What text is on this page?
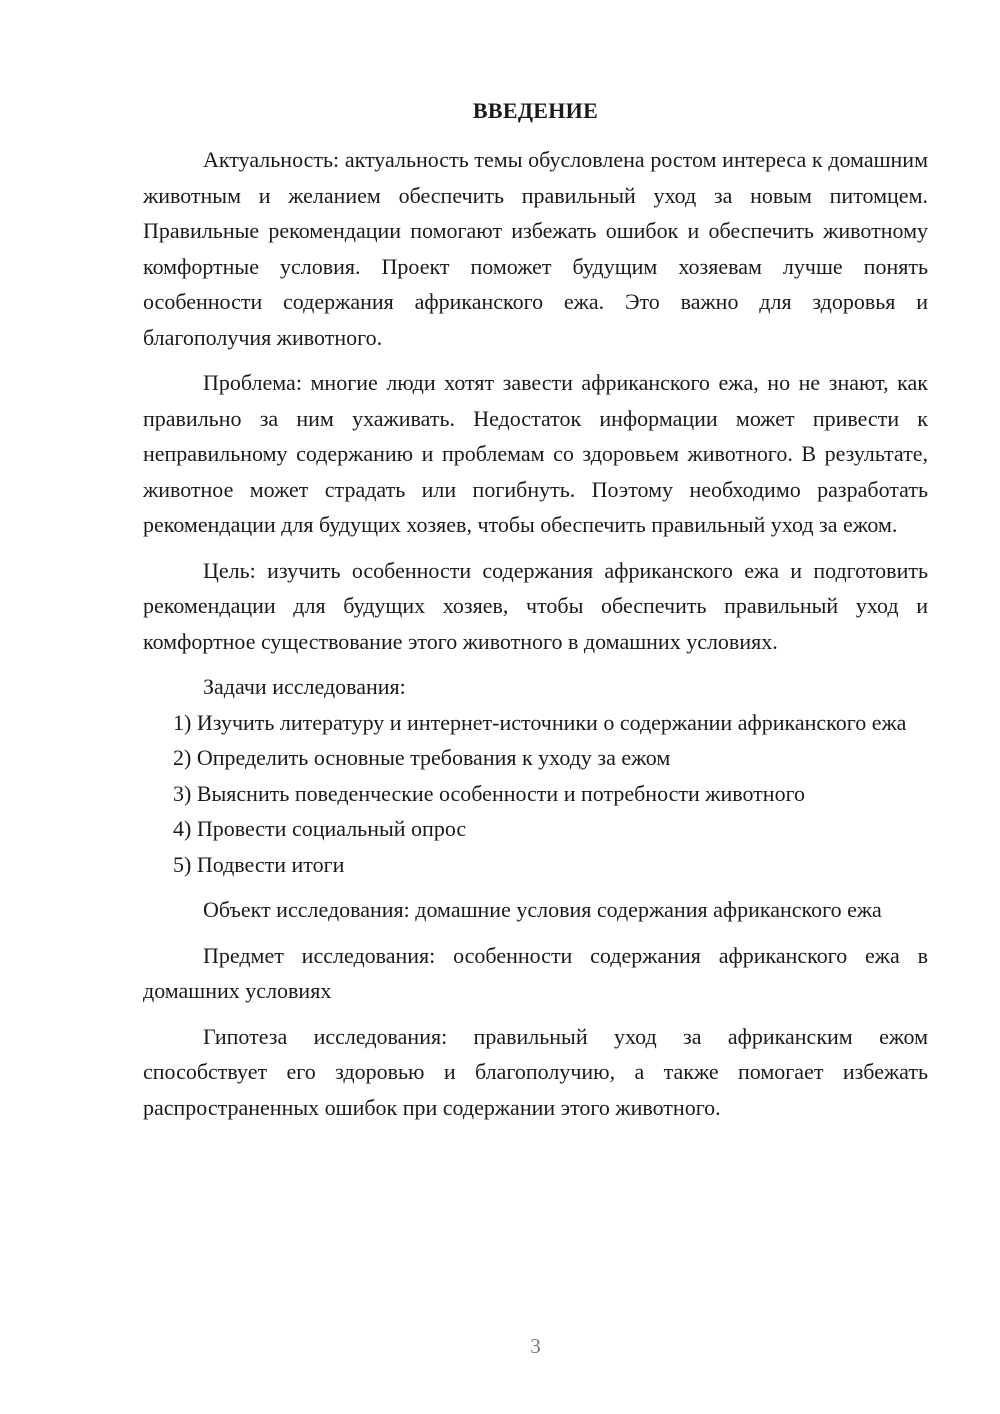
ВВЕДЕНИЕ

Актуальность: актуальность темы обусловлена ростом интереса к домашним животным и желанием обеспечить правильный уход за новым питомцем. Правильные рекомендации помогают избежать ошибок и обеспечить животному комфортные условия. Проект поможет будущим хозяевам лучше понять особенности содержания африканского ежа. Это важно для здоровья и благополучия животного.

Проблема: многие люди хотят завести африканского ежа, но не знают, как правильно за ним ухаживать. Недостаток информации может привести к неправильному содержанию и проблемам со здоровьем животного. В результате, животное может страдать или погибнуть. Поэтому необходимо разработать рекомендации для будущих хозяев, чтобы обеспечить правильный уход за ежом.

Цель: изучить особенности содержания африканского ежа и подготовить рекомендации для будущих хозяев, чтобы обеспечить правильный уход и комфортное существование этого животного в домашних условиях.

Задачи исследования:

1) Изучить литературу и интернет-источники о содержании африканского ежа

2) Определить основные требования к уходу за ежом

3) Выяснить поведенческие особенности и потребности животного

4) Провести социальный опрос

5) Подвести итоги

Объект исследования: домашние условия содержания африканского ежа

Предмет исследования: особенности содержания африканского ежа в домашних условиях

Гипотеза исследования: правильный уход за африканским ежом способствует его здоровью и благополучию, а также помогает избежать распространенных ошибок при содержании этого животного.

3
